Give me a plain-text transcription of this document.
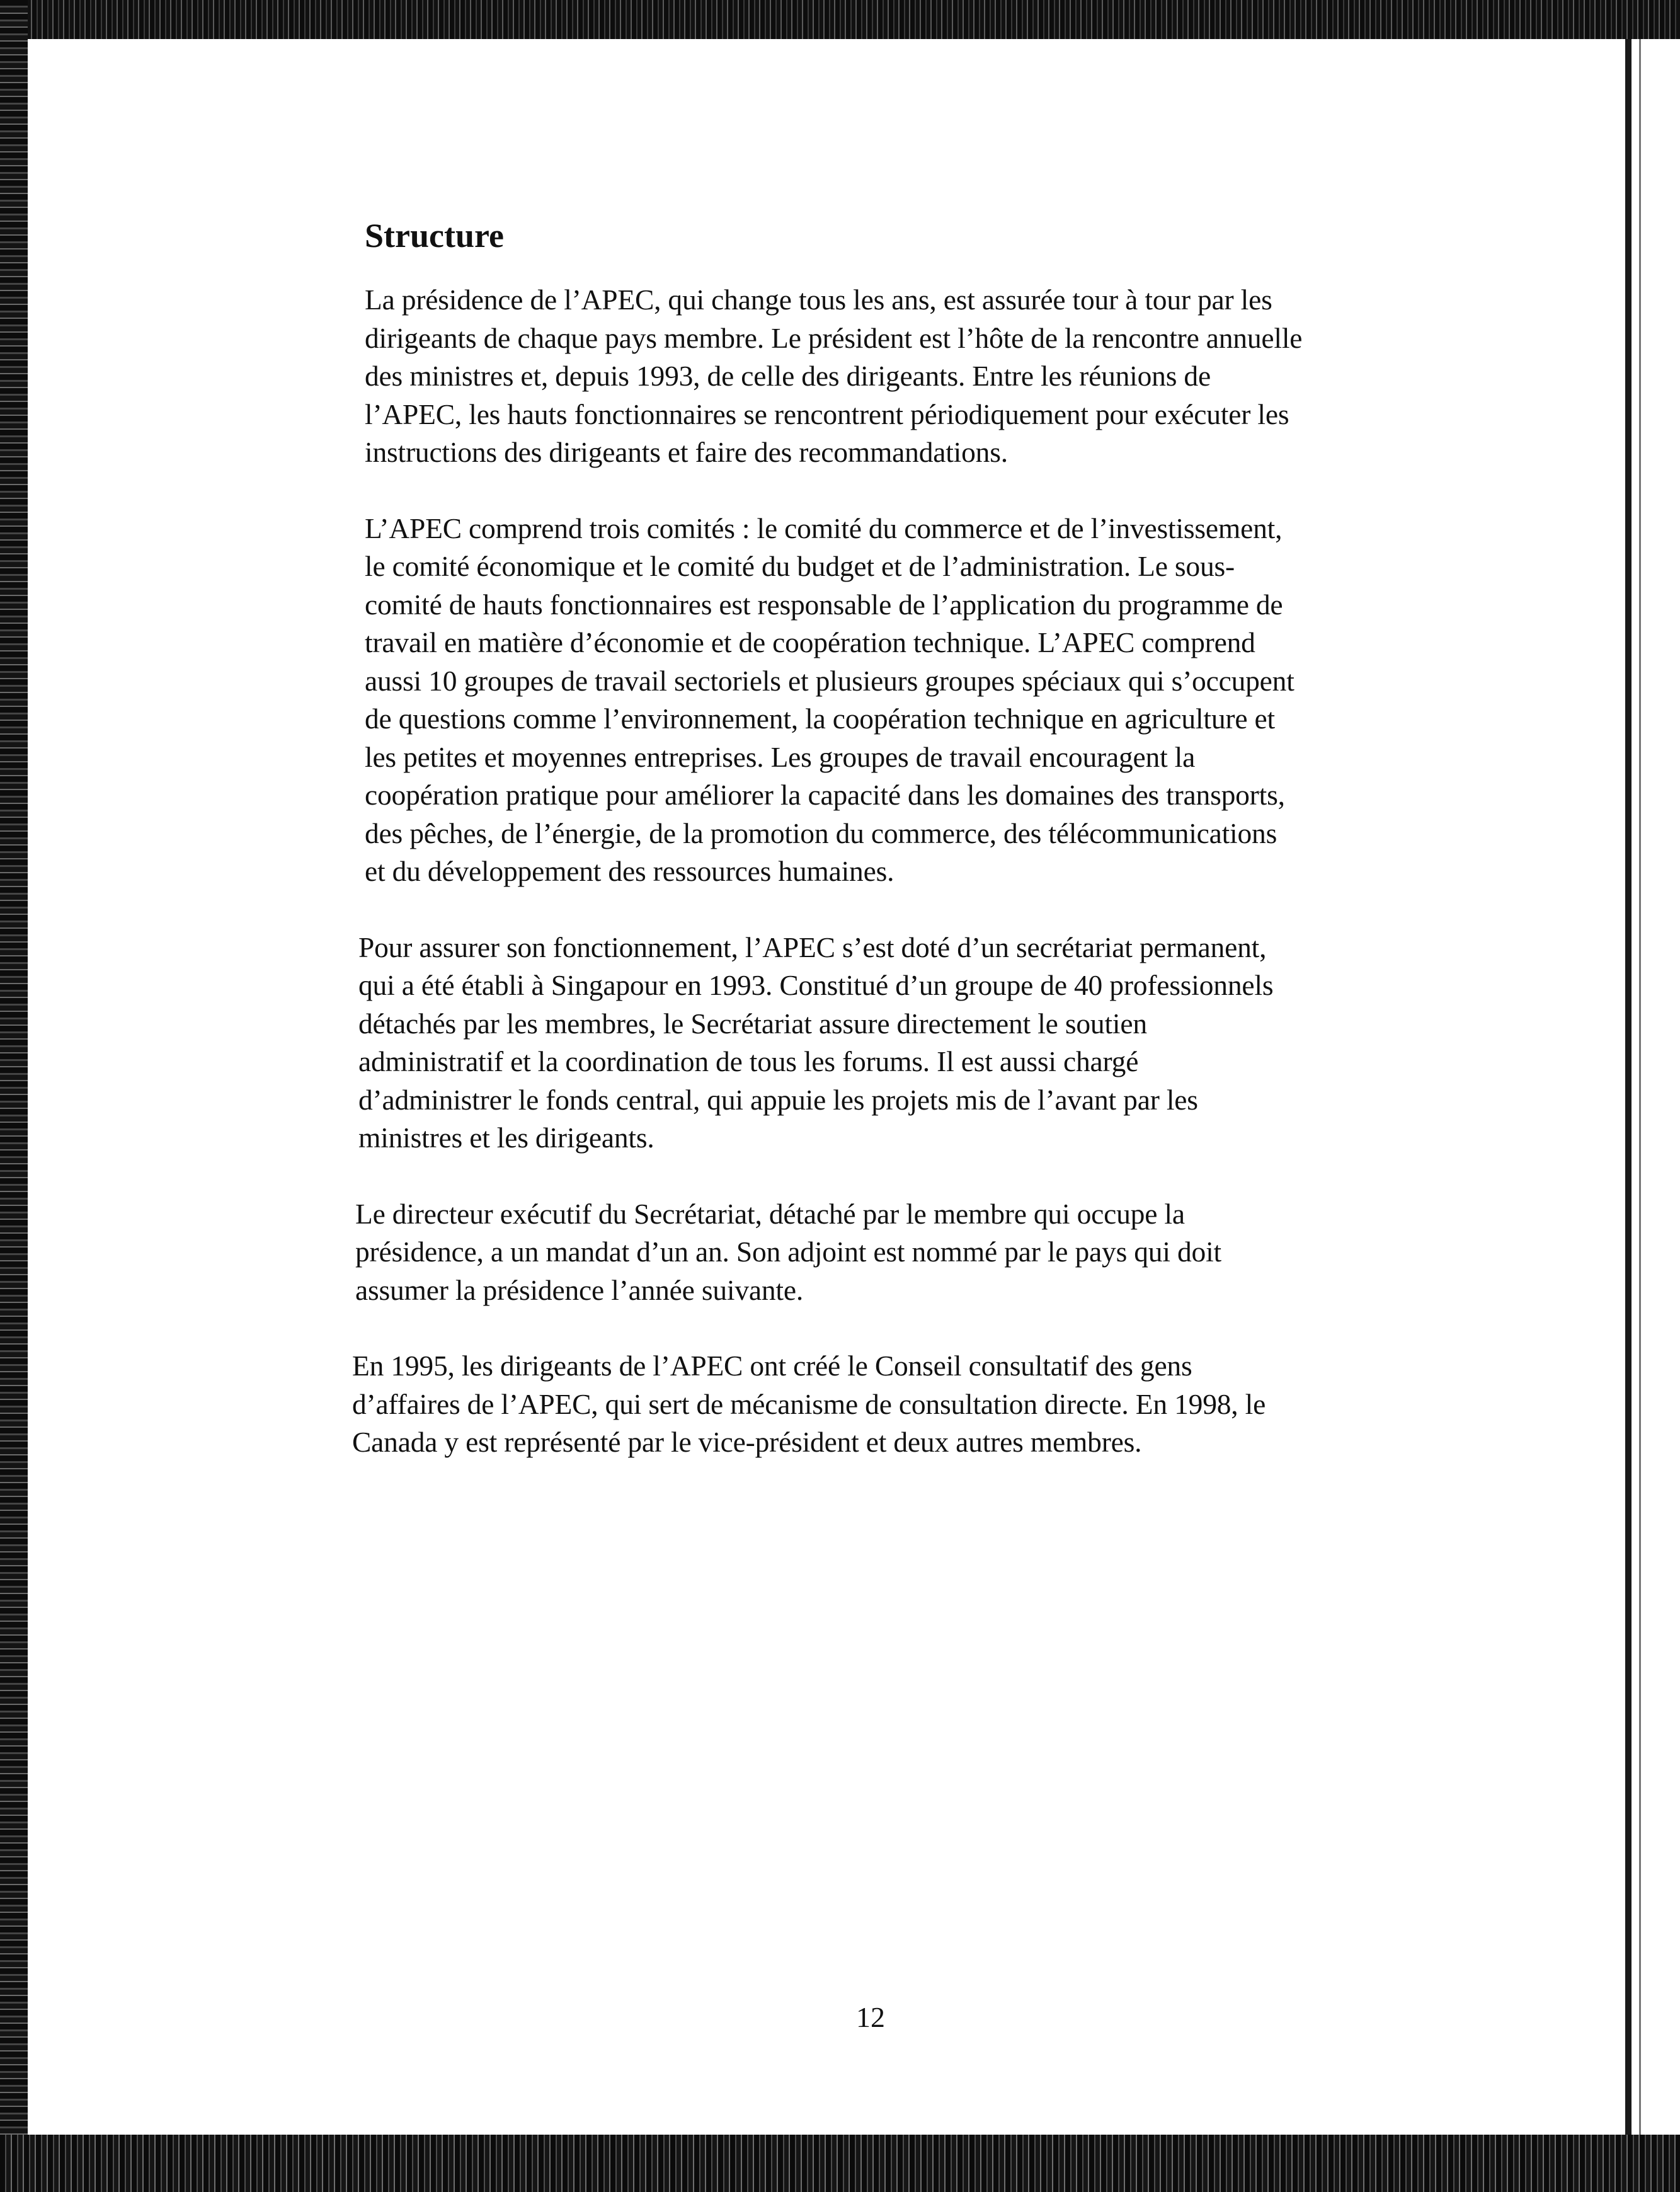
Structure

La présidence de l’APEC, qui change tous les ans, est assurée tour à tour par les
dirigeants de chaque pays membre. Le président est l’hôte de la rencontre annuelle
des ministres et, depuis 1993, de celle des dirigeants. Entre les réunions de
l’APEC, les hauts fonctionnaires se rencontrent périodiquement pour exécuter les
instructions des dirigeants et faire des recommandations.

L’APEC comprend trois comités : le comité du commerce et de l’investissement,
le comité économique et le comité du budget et de l’administration. Le sous-
comité de hauts fonctionnaires est responsable de l’application du programme de
travail en matière d’économie et de coopération technique. L’APEC comprend
aussi 10 groupes de travail sectoriels et plusieurs groupes spéciaux qui s’occupent
de questions comme l’environnement, la coopération technique en agriculture et
les petites et moyennes entreprises. Les groupes de travail encouragent la
coopération pratique pour améliorer la capacité dans les domaines des transports,
des pêches, de l’énergie, de la promotion du commerce, des télécommunications
et du développement des ressources humaines.

Pour assurer son fonctionnement, l’APEC s’est doté d’un secrétariat permanent,
qui a été établi à Singapour en 1993. Constitué d’un groupe de 40 professionnels
détachés par les membres, le Secrétariat assure directement le soutien
administratif et la coordination de tous les forums. Il est aussi chargé
d’administrer le fonds central, qui appuie les projets mis de l’avant par les
ministres et les dirigeants.

Le directeur exécutif du Secrétariat, détaché par le membre qui occupe la
présidence, a un mandat d’un an. Son adjoint est nommé par le pays qui doit
assumer la présidence l’année suivante.

En 1995, les dirigeants de l’APEC ont créé le Conseil consultatif des gens
d’affaires de l’APEC, qui sert de mécanisme de consultation directe. En 1998, le
Canada y est représenté par le vice-président et deux autres membres.

12
